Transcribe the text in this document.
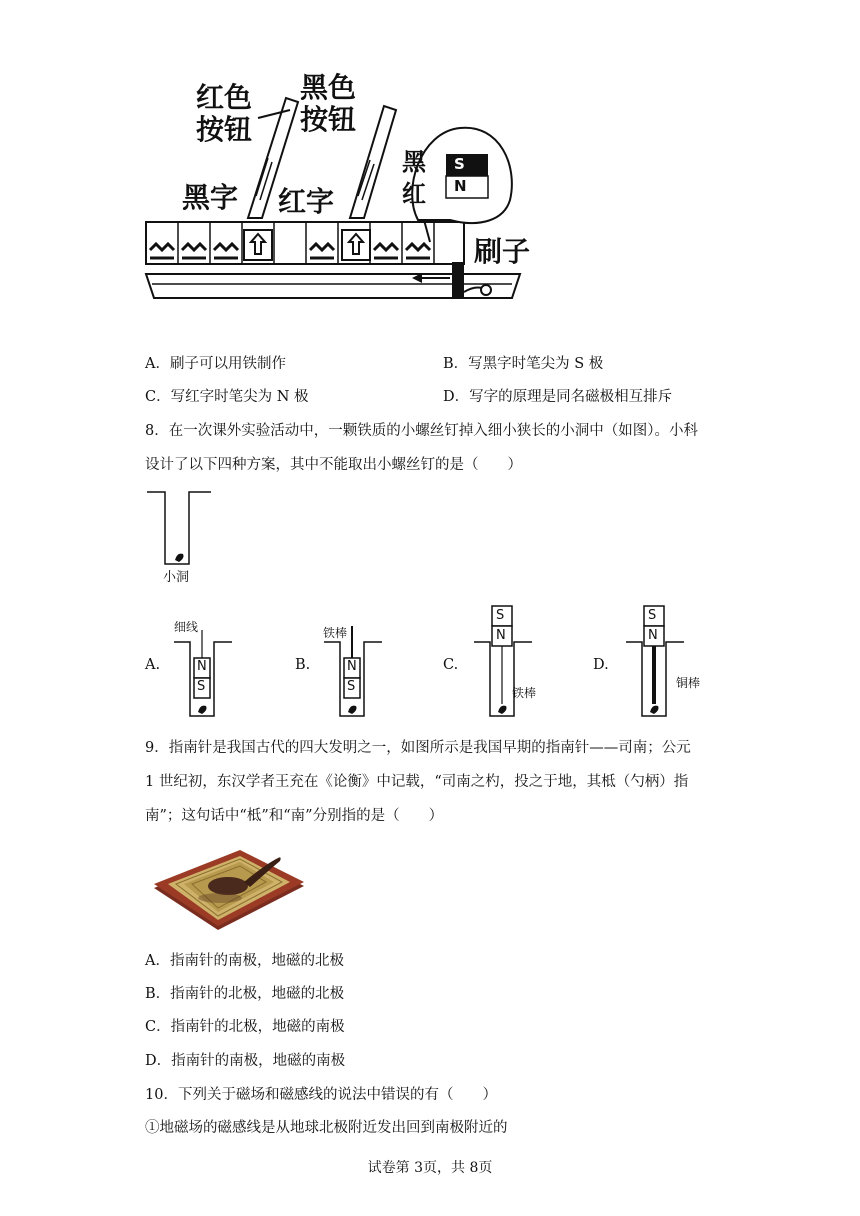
红色按钮
黑色按钮
黑字 红字
刷子
S
N
黑
红
A．刷子可以用铁制作	B．写黑字时笔尖为 S 极
C．写红字时笔尖为 N 极	D．写字的原理是同名磁极相互排斥
8．在一次课外实验活动中，一颗铁质的小螺丝钉掉入细小狭长的小洞中（如图）。小科
设计了以下四种方案，其中不能取出小螺丝钉的是（　　）
小洞
A.	B.	C.	D.
细线
N
S
铁棒
N
S
S
N
铁棒
S
N
铜棒
9．指南针是我国古代的四大发明之一，如图所示是我国早期的指南针——司南；公元
1 世纪初，东汉学者王充在《论衡》中记载，“司南之杓，投之于地，其柢（勺柄）指
南”；这句话中“柢”和“南”分别指的是（　　）
A．指南针的南极，地磁的北极
B．指南针的北极，地磁的北极
C．指南针的北极，地磁的南极
D．指南针的南极，地磁的南极
10．下列关于磁场和磁感线的说法中错误的有（　　）
①地磁场的磁感线是从地球北极附近发出回到南极附近的
试卷第 3页，共 8页
